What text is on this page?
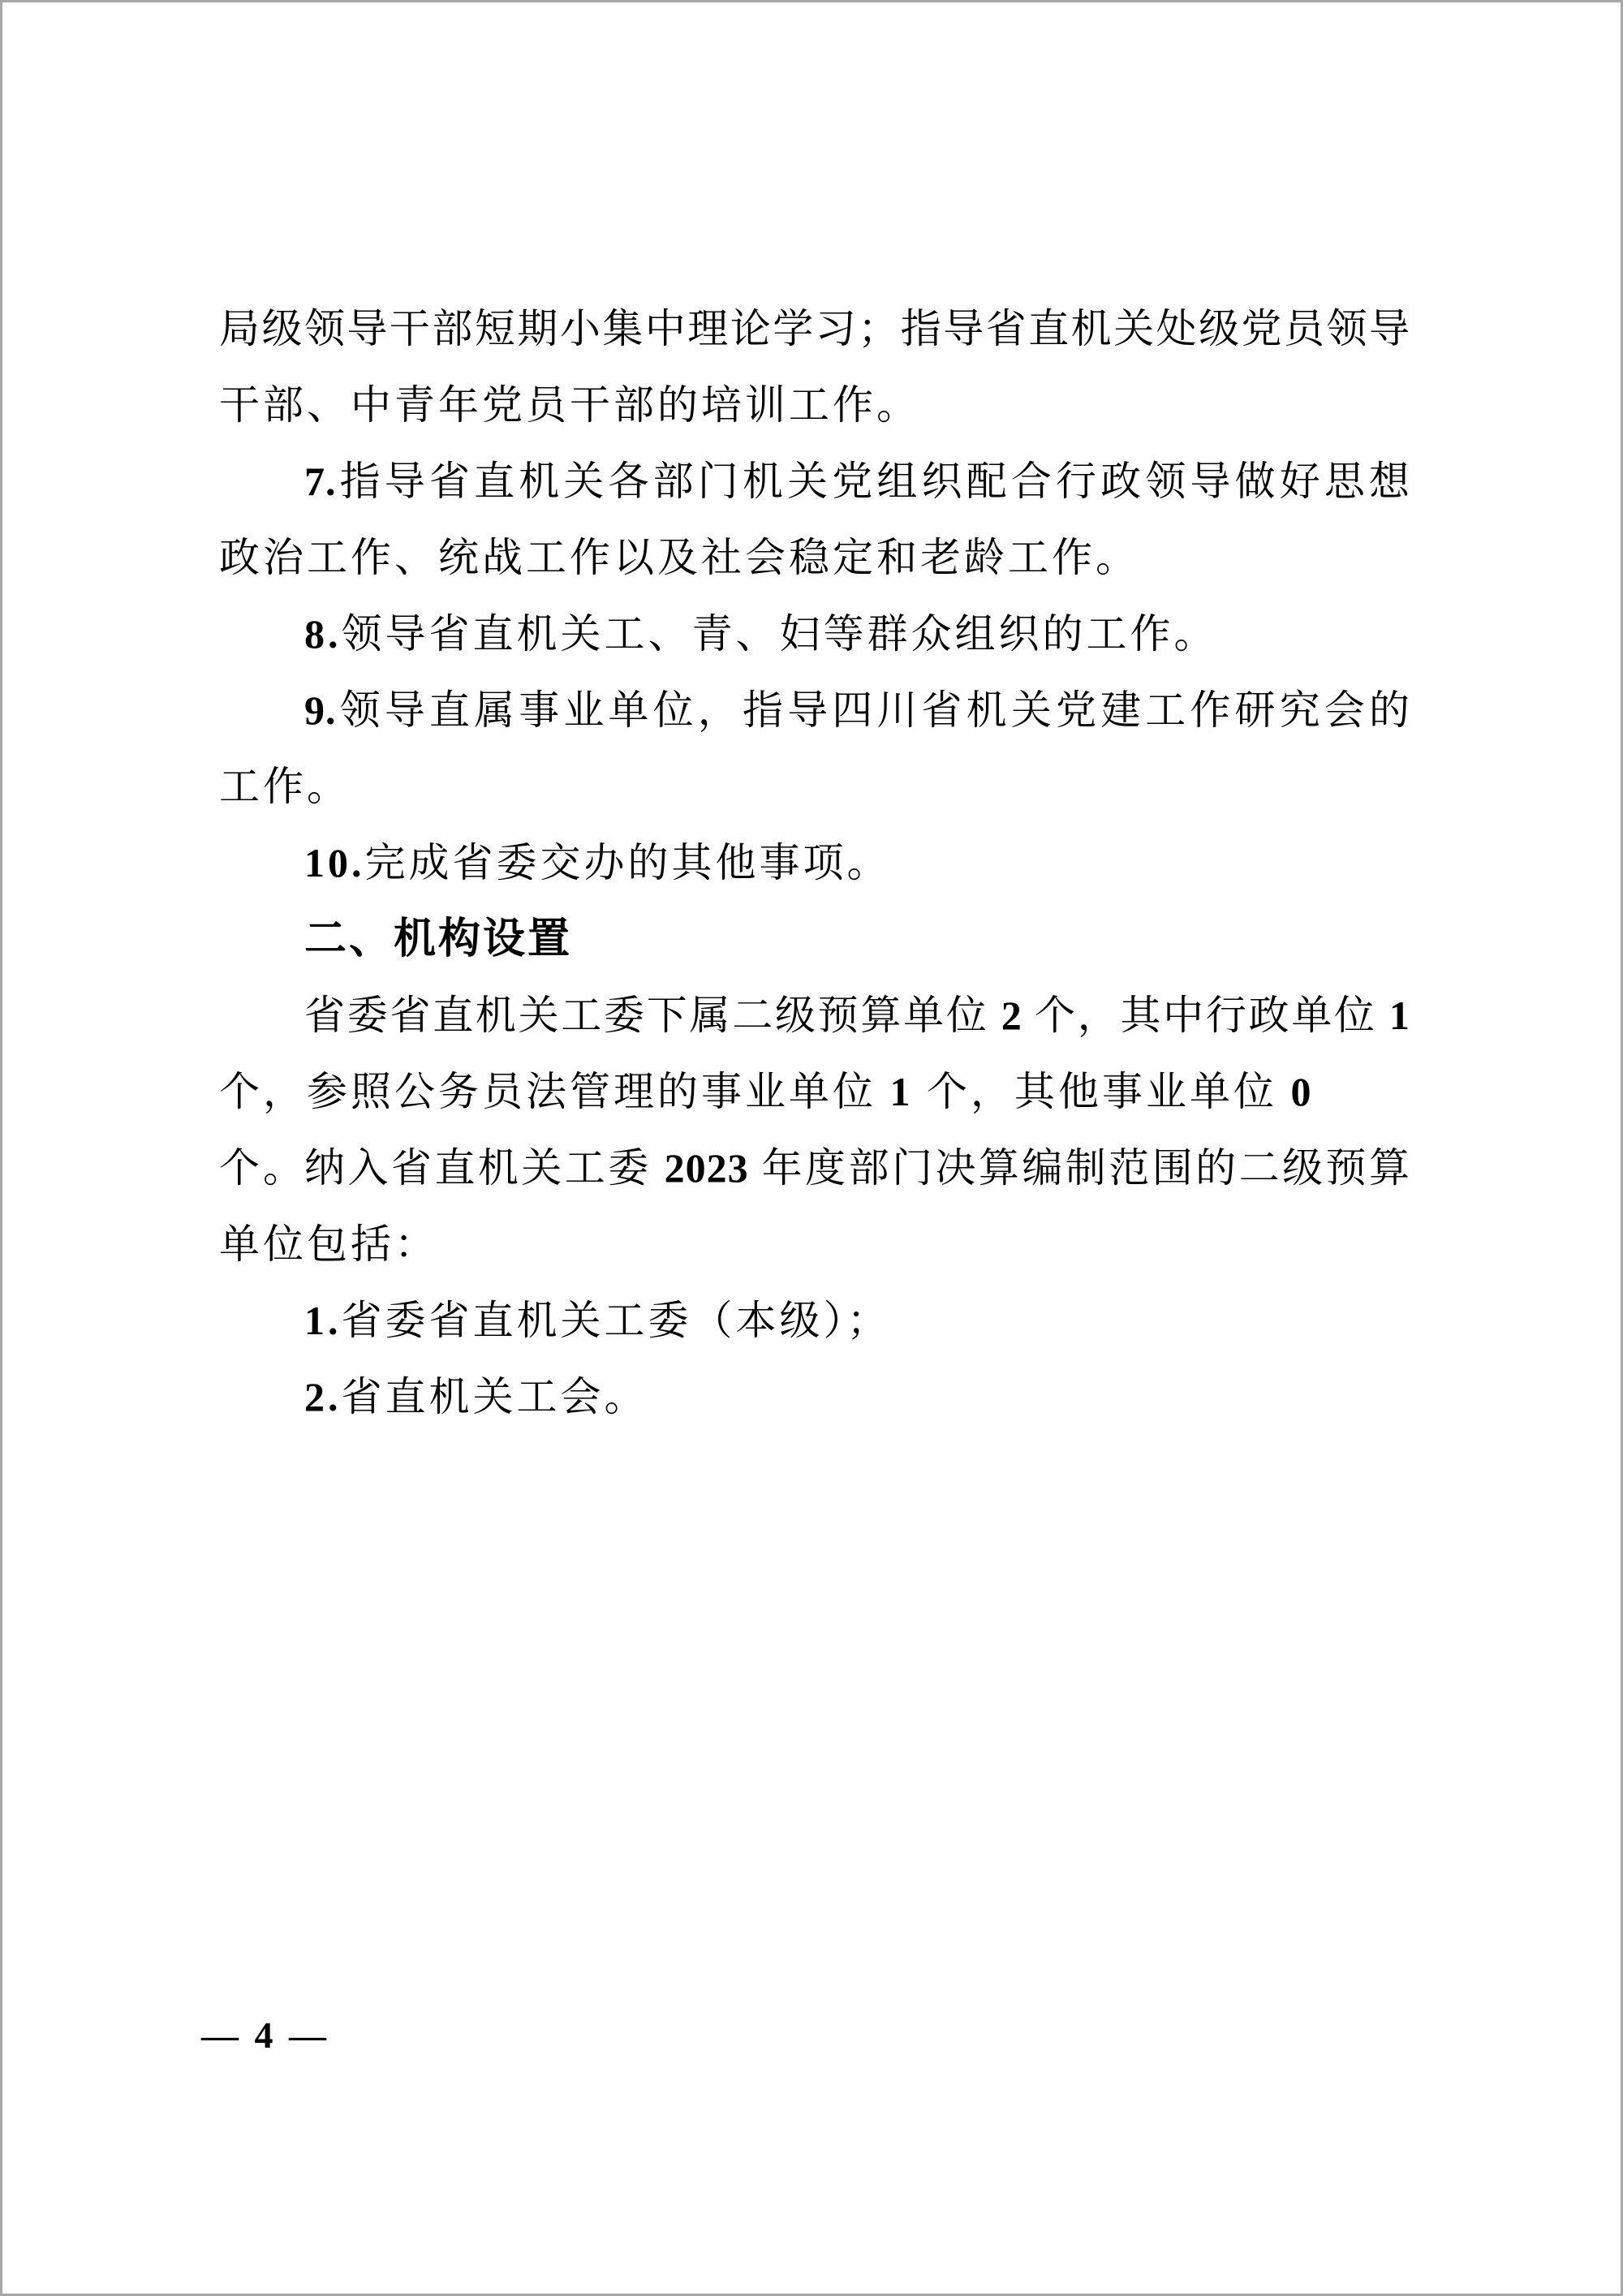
局级领导干部短期小集中理论学习；指导省直机关处级党员领导
干部、中青年党员干部的培训工作。
7.指导省直机关各部门机关党组织配合行政领导做好思想
政治工作、统战工作以及社会稳定和老龄工作。
8.领导省直机关工、青、妇等群众组织的工作。
9.领导直属事业单位，指导四川省机关党建工作研究会的
工作。
10.完成省委交办的其他事项。
二、机构设置
省委省直机关工委下属二级预算单位 2 个，其中行政单位 1
个，参照公务员法管理的事业单位 1 个，其他事业单位 0 个。
纳入省直机关工委 2023 年度部门决算编制范围的二级预算
单位包括：
1.省委省直机关工委（本级）；
2.省直机关工会。
— 4 —
